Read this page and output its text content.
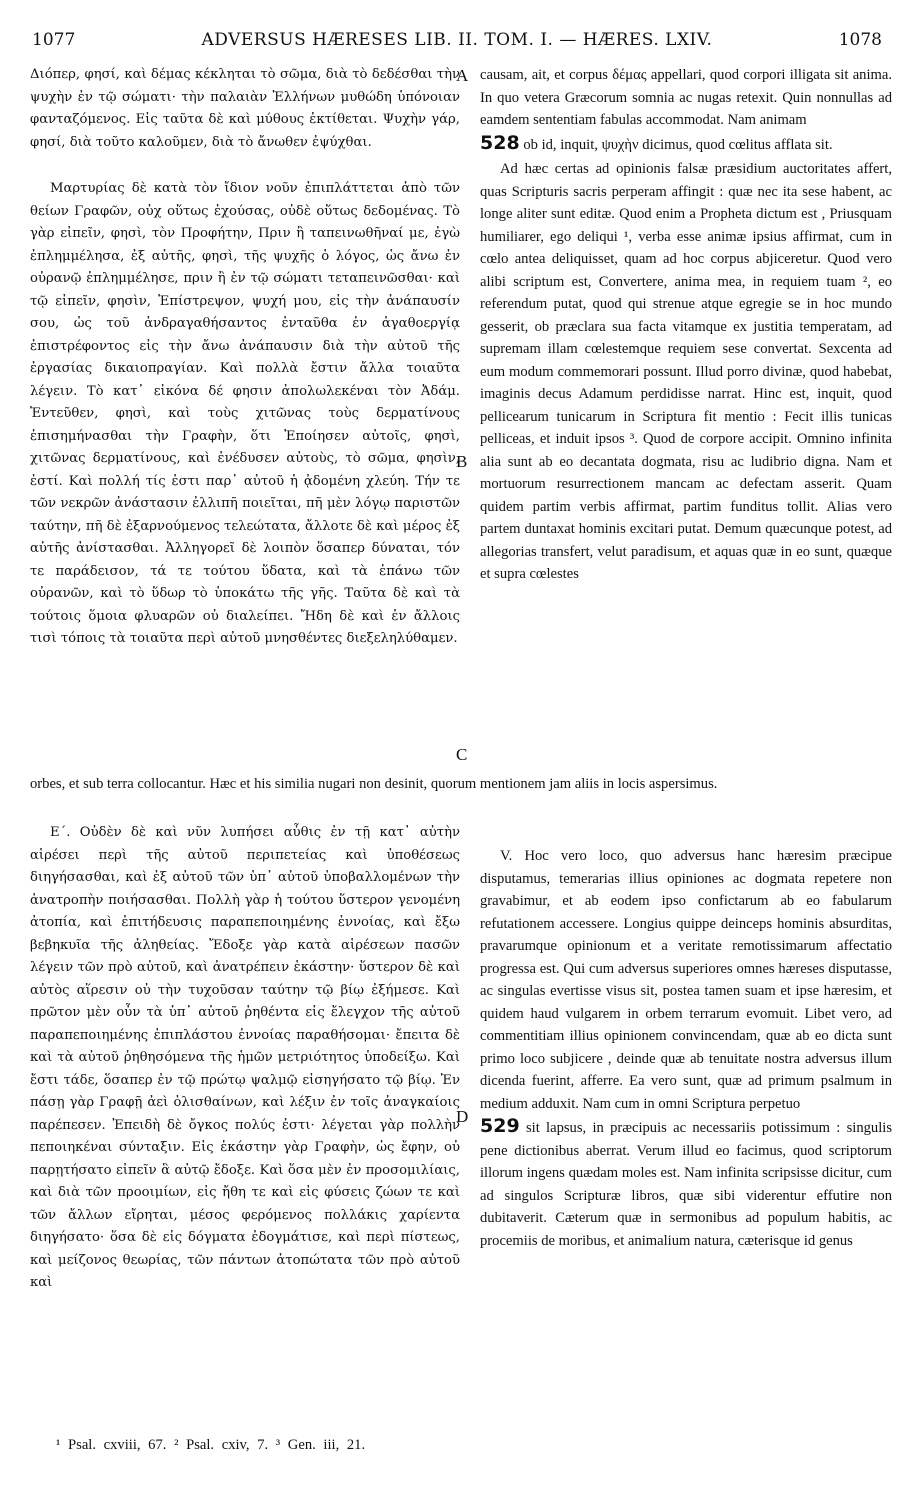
1077	ADVERSUS HÆRESES LIB. II. TOM. I. — HÆRES. LXIV.	1078

Διόπερ, φησί, καὶ δέμας κέκληται τὸ σῶμα, διὰ τὸ δεδέσθαι τὴν ψυχὴν ἐν τῷ σώματι· τὴν παλαιὰν Ἑλλήνων μυθώδη ὑπόνοιαν φανταζόμενος. Εἰς ταῦτα δὲ καὶ μύθους ἐκτίθεται. Ψυχὴν γάρ, φησί, διὰ τοῦτο καλοῦμεν, διὰ τὸ ἄνωθεν ἐψύχθαι.

Μαρτυρίας δὲ κατὰ τὸν ἴδιον νοῦν ἐπιπλάττεται ἀπὸ τῶν θείων Γραφῶν, οὐχ οὕτως ἐχούσας, οὐδὲ οὕτως δεδομένας. Τὸ γὰρ εἰπεῖν, φησὶ, τὸν Προφήτην, Πριν ἢ ταπεινωθῆναί με, ἐγὼ ἐπλημμέλησα, ἐξ αὐτῆς, φησὶ, τῆς ψυχῆς ὁ λόγος, ὡς ἄνω ἐν οὐρανῷ ἐπλημμέλησε, πριν ἢ ἐν τῷ σώματι τεταπεινῶσθαι· καὶ τῷ εἰπεῖν, φησὶν, Ἐπίστρεψον, ψυχή μου, εἰς τὴν ἀνάπαυσίν σου, ὡς τοῦ ἀνδραγαθήσαντος ἐνταῦθα ἐν ἀγαθοεργίᾳ ἐπιστρέφοντος εἰς τὴν ἄνω ἀνάπαυσιν διὰ τὴν αὐτοῦ τῆς ἐργασίας δικαιοπραγίαν. Καὶ πολλὰ ἔστιν ἄλλα τοιαῦτα λέγειν. Τὸ κατ᾽ εἰκόνα δέ φησιν ἀπολωλεκέναι τὸν Ἀδάμ. Ἐντεῦθεν, φησὶ, καὶ τοὺς χιτῶνας τοὺς δερματίνους ἐπισημήνασθαι τὴν Γραφὴν, ὅτι Ἐποίησεν αὐτοῖς, φησὶ, χιτῶνας δερματίνους, καὶ ἐνέδυσεν αὐτοὺς, τὸ σῶμα, φησὶν, ἐστί. Καὶ πολλή τίς ἐστι παρ᾽ αὐτοῦ ἡ ᾀδομένη χλεύη. Τήν τε τῶν νεκρῶν ἀνάστασιν ἐλλιπῆ ποιεῖται, πῆ μὲν λόγῳ παριστῶν ταύτην, πῆ δὲ ἐξαρνούμενος τελεώτατα, ἄλλοτε δὲ καὶ μέρος ἐξ αὐτῆς ἀνίστασθαι. Ἀλληγορεῖ δὲ λοιπὸν ὅσαπερ δύναται, τόν τε παράδεισον, τά τε τούτου ὕδατα, καὶ τὰ ἐπάνω τῶν οὐρανῶν, καὶ τὸ ὕδωρ τὸ ὑποκάτω τῆς γῆς. Ταῦτα δὲ καὶ τὰ τούτοις ὅμοια φλυαρῶν οὐ διαλείπει. Ἤδη δὲ καὶ ἐν ἄλλοις τισὶ τόποις τὰ τοιαῦτα περὶ αὐτοῦ μνησθέντες διεξεληλύθαμεν.

causam, ait, et corpus δέμας appellari, quod corpori illigata sit anima. In quo vetera Græcorum somnia ac nugas retexit. Quin nonnullas ad eamdem sententiam fabulas accommodat. Nam animam

528 ob id, inquit, ψυχὴν dicimus, quod cœlitus afflata sit.

Ad hæc certas ad opinionis falsæ præsidium auctoritates affert, quas Scripturis sacris perperam affingit : quæ nec ita sese habent, ac longe aliter sunt editæ. Quod enim a Propheta dictum est , Priusquam humiliarer, ego deliqui ¹, verba esse animæ ipsius affirmat, cum in cœlo antea deliquisset, quam ad hoc corpus abjiceretur. Quod vero alibi scriptum est, Convertere, anima mea, in requiem tuam ², eo referendum putat, quod qui strenue atque egregie se in hoc mundo gesserit, ob præclara sua facta vitamque ex justitia temperatam, ad supremam illam cœlestemque requiem sese convertat. Sexcenta ad eum modum commemorari possunt. Illud porro divinæ, quod habebat, imaginis decus Adamum perdidisse narrat. Hinc est, inquit, quod pellicearum tunicarum in Scriptura fit mentio : Fecit illis tunicas pelliceas, et induit ipsos ³. Quod de corpore accipit. Omnino infinita alia sunt ab eo decantata dogmata, risu ac ludibrio digna. Nam et mortuorum resurrectionem mancam ac defectam asserit. Quam quidem partim verbis affirmat, partim funditus tollit. Alias vero partem duntaxat hominis excitari putat. Demum quæcunque potest, ad allegorias transfert, velut paradisum, et aquas quæ in eo sunt, quæque et supra cœlestes

orbes, et sub terra collocantur. Hæc et his similia nugari non desinit, quorum mentionem jam aliis in locis aspersimus.

Ε΄. Οὐδὲν δὲ καὶ νῦν λυπήσει αὖθις ἐν τῇ κατ᾽ αὐτὴν αἱρέσει περὶ τῆς αὐτοῦ περιπετείας καὶ ὑποθέσεως διηγήσασθαι, καὶ ἐξ αὐτοῦ τῶν ὑπ᾽ αὐτοῦ ὑποβαλλομένων τὴν ἀνατροπὴν ποιήσασθαι. Πολλὴ γὰρ ἡ τούτου ὕστερον γενομένη ἀτοπία, καὶ ἐπιτήδευσις παραπεποιημένης ἐννοίας, καὶ ἔξω βεβηκυῖα τῆς ἀληθείας. Ἔδοξε γὰρ κατὰ αἱρέσεων πασῶν λέγειν τῶν πρὸ αὐτοῦ, καὶ ἀνατρέπειν ἑκάστην· ὕστερον δὲ καὶ αὐτὸς αἵρεσιν οὐ τὴν τυχοῦσαν ταύτην τῷ βίῳ ἐξήμεσε. Καὶ πρῶτον μὲν οὖν τὰ ὑπ᾽ αὐτοῦ ῥηθέντα εἰς ἔλεγχον τῆς αὐτοῦ παραπεποιημένης ἐπιπλάστου ἐννοίας παραθήσομαι· ἔπειτα δὲ καὶ τὰ αὐτοῦ ῥηθησόμενα τῆς ἡμῶν μετριότητος ὑποδείξω. Καὶ ἔστι τάδε, ὅσαπερ ἐν τῷ πρώτῳ ψαλμῷ εἰσηγήσατο τῷ βίῳ. Ἐν πάσῃ γὰρ Γραφῇ ἀεὶ ὀλισθαίνων, καὶ λέξιν ἐν τοῖς ἀναγκαίοις παρέπεσεν. Ἐπειδὴ δὲ ὄγκος πολύς ἐστι· λέγεται γὰρ πολλὴν πεποιηκέναι σύνταξιν. Εἰς ἑκάστην γὰρ Γραφὴν, ὡς ἔφην, οὐ παρῃτήσατο εἰπεῖν ἃ αὐτῷ ἔδοξε. Καὶ ὅσα μὲν ἐν προσομιλίαις, καὶ διὰ τῶν προοιμίων, εἰς ἤθη τε καὶ εἰς φύσεις ζώων τε καὶ τῶν ἄλλων εἴρηται, μέσος φερόμενος πολλάκις χαρίεντα διηγήσατο· ὅσα δὲ εἰς δόγματα ἐδογμάτισε, καὶ περὶ πίστεως, καὶ μείζονος θεωρίας, τῶν πάντων ἀτοπώτατα τῶν πρὸ αὐτοῦ καὶ

V. Hoc vero loco, quo adversus hanc hæresim præcipue disputamus, temerarias illius opiniones ac dogmata repetere non gravabimur, et ab eodem ipso confictarum ab eo fabularum refutationem accessere. Longius quippe deinceps hominis absurditas, pravarumque opinionum et a veritate remotissimarum affectatio progressa est. Qui cum adversus superiores omnes hæreses disputasse, ac singulas evertisse visus sit, postea tamen suam et ipse hæresim, et quidem haud vulgarem in orbem terrarum evomuit. Libet vero, ad commentitiam illius opinionem convincendam, quæ ab eo dicta sunt primo loco subjicere , deinde quæ ab tenuitate nostra adversus illum dicenda fuerint, afferre. Ea vero sunt, quæ ad primum psalmum in medium adduxit. Nam cum in omni Scriptura perpetuo

529 sit lapsus, in præcipuis ac necessariis potissimum : singulis pene dictionibus aberrat. Verum illud eo facimus, quod scriptorum illorum ingens quædam moles est. Nam infinita scripsisse dicitur, cum ad singulos Scripturæ libros, quæ sibi viderentur effutire non dubitaverit. Cæterum quæ in sermonibus ad populum habitis, ac procemiis de moribus, et animalium natura, cæterisque id genus

A
B
C
D
¹ Psal. cxviii, 67. ² Psal. cxiv, 7. ³ Gen. iii, 21.
